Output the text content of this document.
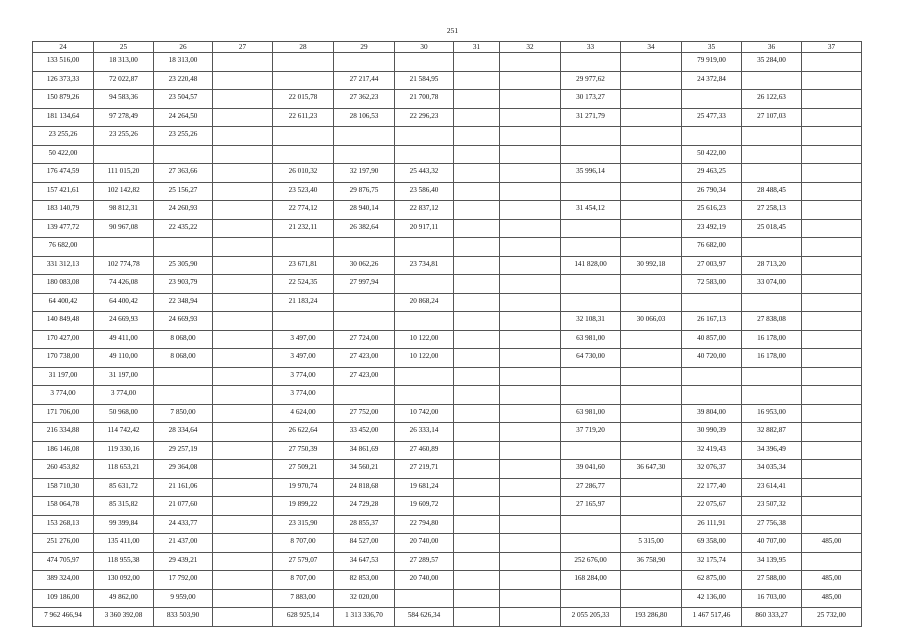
251
24	25	26	27	28	29	30	31	32	33	34	35	36	37
133 516,00	18 313,00	18 313,00									79 919,00	35 284,00	
126 373,33	72 022,87	23 220,48			27 217,44	21 584,95			29 977,62		24 372,84		
150 879,26	94 583,36	23 504,57		22 015,78	27 362,23	21 700,78			30 173,27			26 122,63	
181 134,64	97 278,49	24 264,50		22 611,23	28 106,53	22 296,23			31 271,79		25 477,33	27 107,03	
23 255,26	23 255,26	23 255,26											
50 422,00											50 422,00		
176 474,59	111 015,20	27 363,66		26 010,32	32 197,90	25 443,32			35 996,14		29 463,25		
157 421,61	102 142,82	25 156,27		23 523,40	29 876,75	23 586,40					26 790,34	28 488,45	
183 140,79	98 812,31	24 260,93		22 774,12	28 940,14	22 837,12			31 454,12		25 616,23	27 258,13	
139 477,72	90 967,08	22 435,22		21 232,11	26 382,64	20 917,11					23 492,19	25 018,45	
76 682,00											76 682,00		
331 312,13	102 774,78	25 305,90		23 671,81	30 062,26	23 734,81			141 828,00	30 992,18	27 003,97	28 713,20	
180 083,08	74 426,08	23 903,79		22 524,35	27 997,94						72 583,00	33 074,00	
64 400,42	64 400,42	22 348,94		21 183,24		20 868,24							
140 849,48	24 669,93	24 669,93							32 108,31	30 066,03	26 167,13	27 838,08	
170 427,00	49 411,00	8 068,00		3 497,00	27 724,00	10 122,00			63 981,00		40 857,00	16 178,00	
170 738,00	49 110,00	8 068,00		3 497,00	27 423,00	10 122,00			64 730,00		40 720,00	16 178,00	
31 197,00	31 197,00			3 774,00	27 423,00								
3 774,00	3 774,00			3 774,00									
171 706,00	50 968,00	7 850,00		4 624,00	27 752,00	10 742,00			63 981,00		39 804,00	16 953,00	
216 334,88	114 742,42	28 334,64		26 622,64	33 452,00	26 333,14			37 719,20		30 990,39	32 882,87	
186 146,08	119 330,16	29 257,19		27 750,39	34 861,69	27 460,89					32 419,43	34 396,49	
260 453,82	118 653,21	29 364,08		27 509,21	34 560,21	27 219,71			39 041,60	36 647,30	32 076,37	34 035,34	
158 710,30	85 631,72	21 161,06		19 970,74	24 818,68	19 681,24			27 286,77		22 177,40	23 614,41	
158 064,78	85 315,82	21 077,60		19 899,22	24 729,28	19 609,72			27 165,97		22 075,67	23 507,32	
153 268,13	99 399,84	24 433,77		23 315,90	28 855,37	22 794,80					26 111,91	27 756,38	
251 276,00	135 411,00	21 437,00		8 707,00	84 527,00	20 740,00				5 315,00	69 358,00	40 707,00	485,00
474 705,97	118 955,38	29 439,21		27 579,07	34 647,53	27 289,57			252 676,00	36 758,90	32 175,74	34 139,95	
389 324,00	130 092,00	17 792,00		8 707,00	82 853,00	20 740,00			168 284,00		62 875,00	27 588,00	485,00
109 186,00	49 862,00	9 959,00		7 883,00	32 020,00						42 136,00	16 703,00	485,00
7 962 466,94	3 360 392,08	833 503,90		628 925,14	1 313 336,70	584 626,34			2 055 205,33	193 286,80	1 467 517,46	860 333,27	25 732,00
